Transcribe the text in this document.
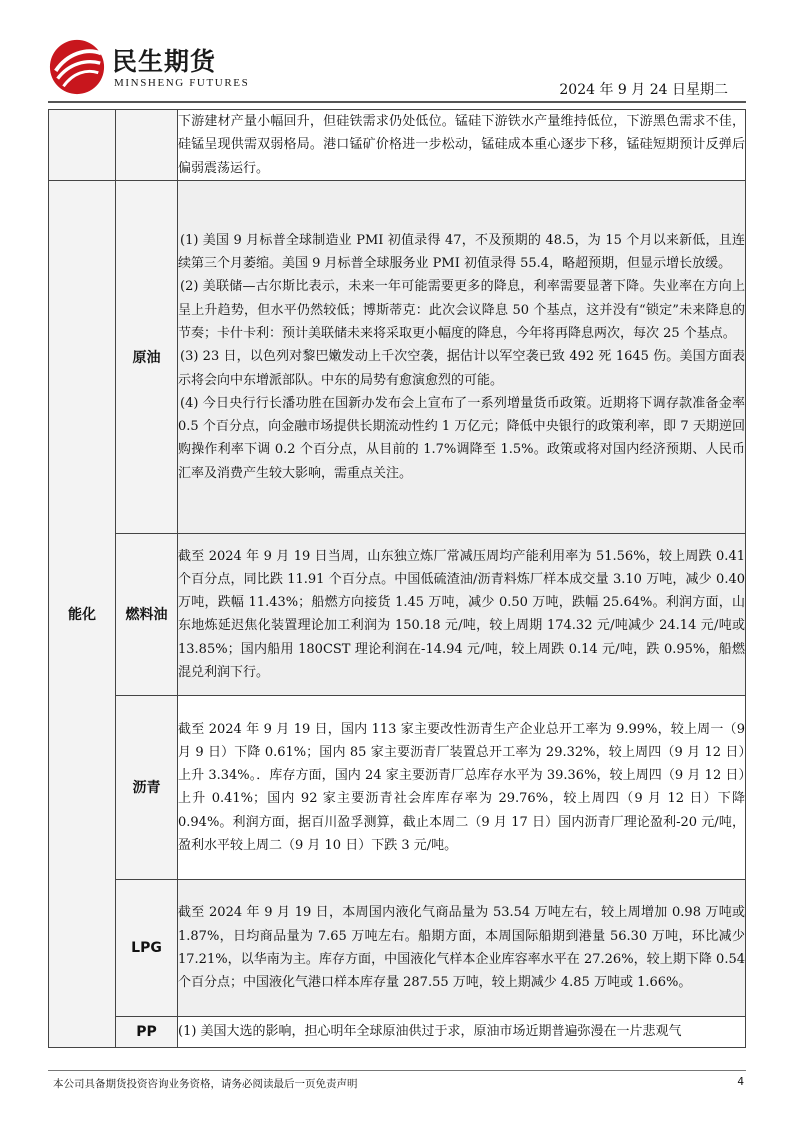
民生期货
MINSHENG FUTURES	2024 年 9 月 24 日星期二

		下游建材产量小幅回升，但硅铁需求仍处低位。锰硅下游铁水产量维持低位，下游黑色需求不佳，硅锰呈现供需双弱格局。港口锰矿价格进一步松动，锰硅成本重心逐步下移，锰硅短期预计反弹后偏弱震荡运行。

能化	原油	(1) 美国 9 月标普全球制造业 PMI 初值录得 47，不及预期的 48.5，为 15 个月以来新低，且连续第三个月萎缩。美国 9 月标普全球服务业 PMI 初值录得 55.4，略超预期，但显示增长放缓。

(2) 美联储—古尔斯比表示，未来一年可能需要更多的降息，利率需要显著下降。失业率在方向上呈上升趋势，但水平仍然较低；博斯蒂克：此次会议降息 50 个基点，这并没有“锁定”未来降息的节奏；卡什卡利：预计美联储未来将采取更小幅度的降息，今年将再降息两次，每次 25 个基点。

(3) 23 日，以色列对黎巴嫩发动上千次空袭，据估计以军空袭已致 492 死 1645 伤。美国方面表示将会向中东增派部队。中东的局势有愈演愈烈的可能。

(4) 今日央行行长潘功胜在国新办发布会上宣布了一系列增量货币政策。近期将下调存款准备金率 0.5 个百分点，向金融市场提供长期流动性约 1 万亿元；降低中央银行的政策利率，即 7 天期逆回购操作利率下调 0.2 个百分点，从目前的 1.7%调降至 1.5%。政策或将对国内经济预期、人民币汇率及消费产生较大影响，需重点关注。

	燃料油	截至 2024 年 9 月 19 日当周，山东独立炼厂常减压周均产能利用率为 51.56%，较上周跌 0.41 个百分点，同比跌 11.91 个百分点。中国低硫渣油/沥青料炼厂样本成交量 3.10 万吨，减少 0.40 万吨，跌幅 11.43%；船燃方向接货 1.45 万吨，减少 0.50 万吨，跌幅 25.64%。利润方面，山东地炼延迟焦化装置理论加工利润为 150.18 元/吨，较上周期 174.32 元/吨减少 24.14 元/吨或 13.85%；国内船用 180CST 理论利润在-14.94 元/吨，较上周跌 0.14 元/吨，跌 0.95%，船燃混兑利润下行。

	沥青	截至 2024 年 9 月 19 日，国内 113 家主要改性沥青生产企业总开工率为 9.99%，较上周一（9 月 9 日）下降 0.61%；国内 85 家主要沥青厂装置总开工率为 29.32%，较上周四（9 月 12 日）上升 3.34%。．库存方面，国内 24 家主要沥青厂总库存水平为 39.36%，较上周四（9 月 12 日）上升 0.41%；国内 92 家主要沥青社会库库存率为 29.76%，较上周四（9 月 12 日）下降 0.94%。利润方面，据百川盈孚测算，截止本周二（9 月 17 日）国内沥青厂理论盈利-20 元/吨，盈利水平较上周二（9 月 10 日）下跌 3 元/吨。

	LPG	截至 2024 年 9 月 19 日，本周国内液化气商品量为 53.54 万吨左右，较上周增加 0.98 万吨或 1.87%，日均商品量为 7.65 万吨左右。船期方面，本周国际船期到港量 56.30 万吨，环比减少 17.21%，以华南为主。库存方面，中国液化气样本企业库容率水平在 27.26%，较上期下降 0.54 个百分点；中国液化气港口样本库存量 287.55 万吨，较上期减少 4.85 万吨或 1.66%。

	PP	(1) 美国大选的影响，担心明年全球原油供过于求，原油市场近期普遍弥漫在一片悲观气

本公司具备期货投资咨询业务资格，请务必阅读最后一页免责声明	4
